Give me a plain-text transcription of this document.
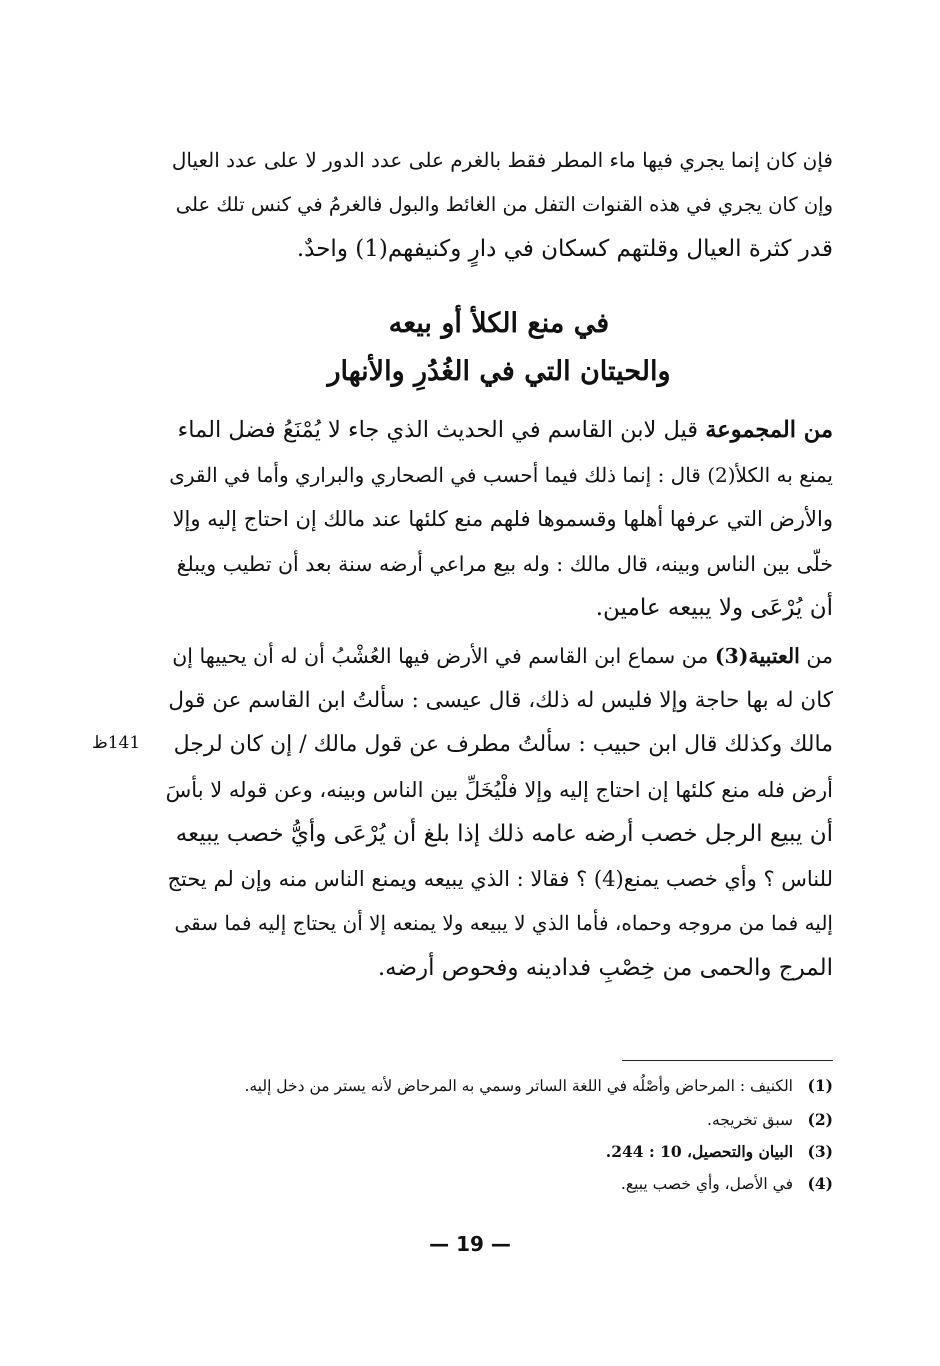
فإن كان إنما يجري فيها ماء المطر فقط بالغرم على عدد الدور لا على عدد العيال

وإن كان يجري في هذه القنوات التفل من الغائط والبول فالغرمُ في كنس تلك على

قدر كثرة العيال وقلتهم كسكان في دارٍ وكنيفهم(1) واحدٌ.

في منع الكلأ أو بيعه
والحيتان التي في الغُدُرِ والأنهار

من المجموعة قيل لابن القاسم في الحديث الذي جاء لا يُمْنَعُ فضل الماء

يمنع به الكلأ(2) قال : إنما ذلك فيما أحسب في الصحاري والبراري وأما في القرى

والأرض التي عرفها أهلها وقسموها فلهم منع كلئها عند مالك إن احتاج إليه وإلا

خلّى بين الناس وبينه، قال مالك : وله بيع مراعي أرضه سنة بعد أن تطيب ويبلغ

أن يُرْعَى ولا يبيعه عامين.

من العتبية(3) من سماع ابن القاسم في الأرض فيها العُشْبُ أن له أن يحييها إن

كان له بها حاجة وإلا فليس له ذلك، قال عيسى : سألتُ ابن القاسم عن قول

مالك وكذلك قال ابن حبيب : سألتُ مطرف عن قول مالك / إن كان لرجل

أرض فله منع كلئها إن احتاج إليه وإلا فلْيُخَلِّ بين الناس وبينه، وعن قوله لا بأسَ

أن يبيع الرجل خصب أرضه عامه ذلك إذا بلغ أن يُرْعَى وأيُّ خصب يبيعه

للناس ؟ وأي خصب يمنع(4) ؟ فقالا : الذي يبيعه ويمنع الناس منه وإن لم يحتج

إليه فما من مروجه وحماه، فأما الذي لا يبيعه ولا يمنعه إلا أن يحتاج إليه فما سقى

المرج والحمى من خِصْبِ فدادينه وفحوص أرضه.

141ظ
(1)الكنيف : المرحاض وأصْلُه في اللغة الساتر وسمي به المرحاض لأنه يستر من دخل إليه.
(2)سبق تخريجه.
(3)البيان والتحصيل، 10 : 244.
(4)في الأصل، وأي خصب يبيع.
— 19 —
